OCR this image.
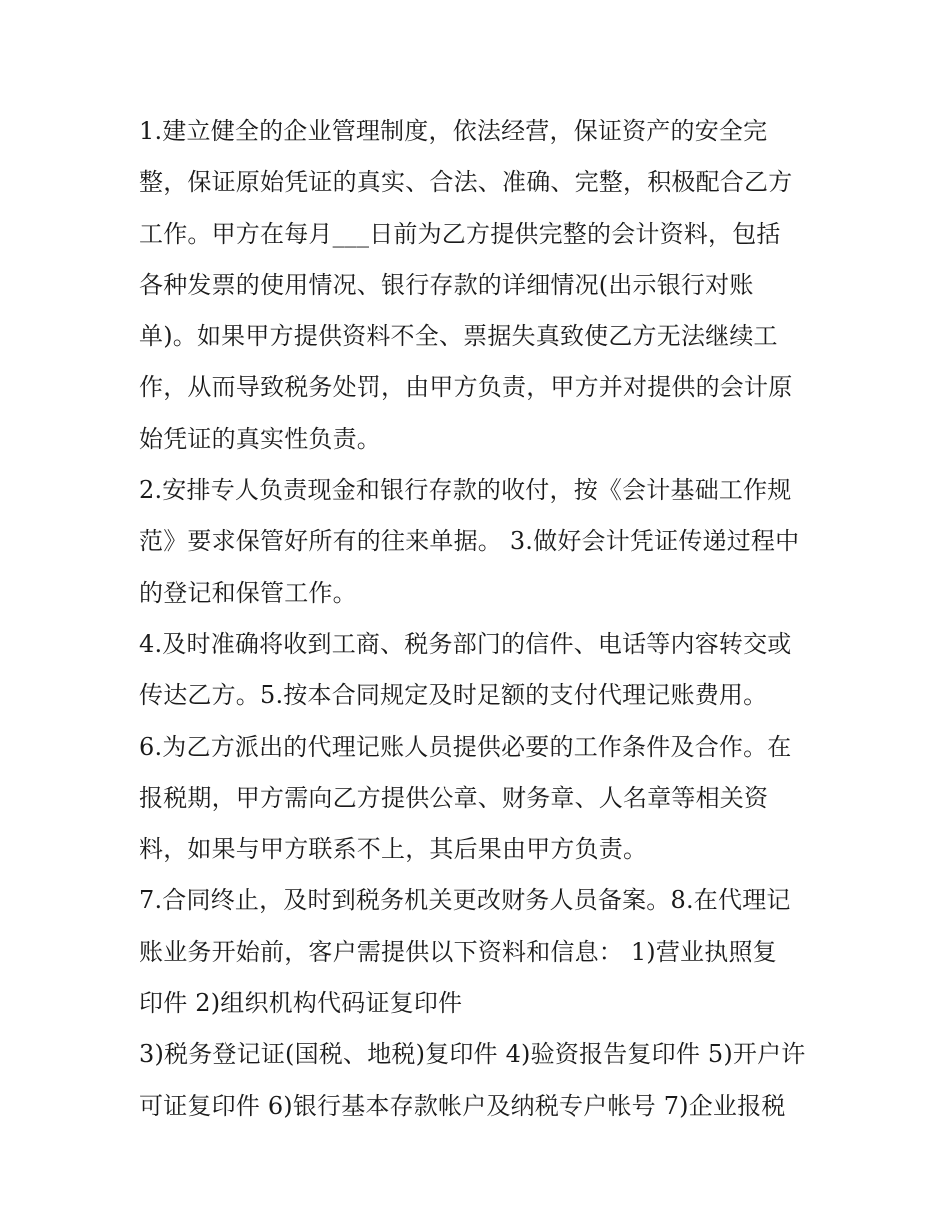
1.建立健全的企业管理制度，依法经营，保证资产的安全完
整，保证原始凭证的真实、合法、准确、完整，积极配合乙方
工作。甲方在每月___日前为乙方提供完整的会计资料，包括
各种发票的使用情况、银行存款的详细情况(出示银行对账
单)。如果甲方提供资料不全、票据失真致使乙方无法继续工
作，从而导致税务处罚，由甲方负责，甲方并对提供的会计原
始凭证的真实性负责。
2.安排专人负责现金和银行存款的收付，按《会计基础工作规
范》要求保管好所有的往来单据。 3.做好会计凭证传递过程中
的登记和保管工作。
4.及时准确将收到工商、税务部门的信件、电话等内容转交或
传达乙方。5.按本合同规定及时足额的支付代理记账费用。
6.为乙方派出的代理记账人员提供必要的工作条件及合作。在
报税期，甲方需向乙方提供公章、财务章、人名章等相关资
料，如果与甲方联系不上，其后果由甲方负责。
7.合同终止，及时到税务机关更改财务人员备案。8.在代理记
账业务开始前，客户需提供以下资料和信息： 1)营业执照复
印件 2)组织机构代码证复印件
3)税务登记证(国税、地税)复印件 4)验资报告复印件 5)开户许
可证复印件 6)银行基本存款帐户及纳税专户帐号 7)企业报税
